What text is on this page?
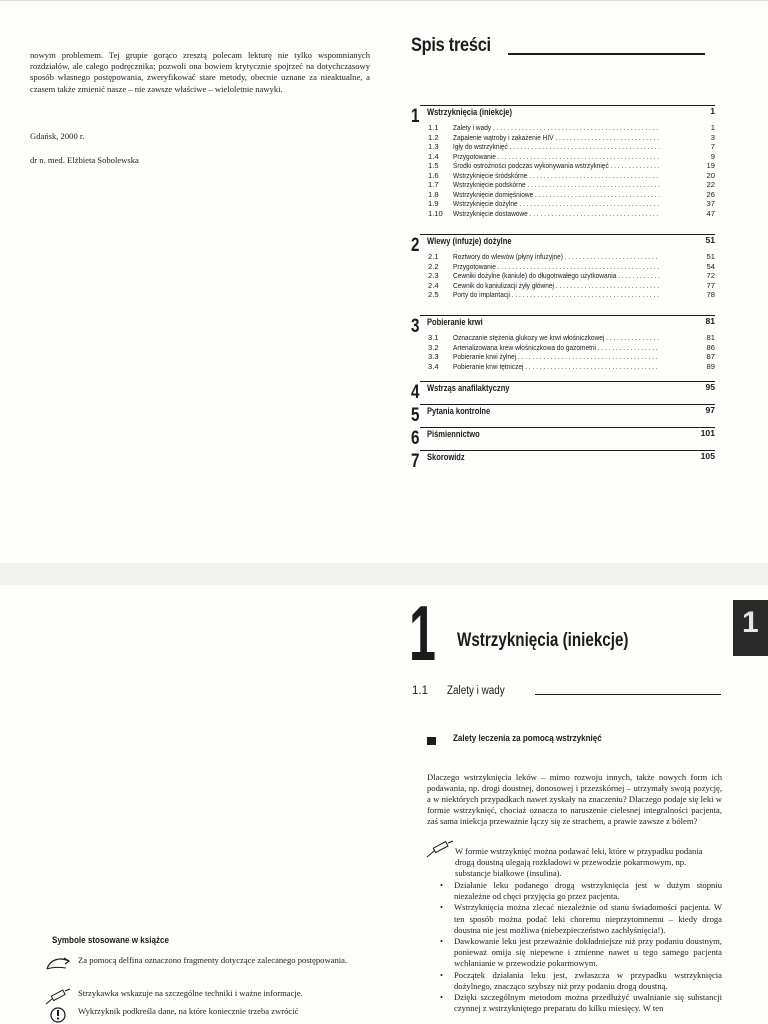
nowym problemem. Tej grupie gorąco zresztą polecam lekturę nie tylko wspomnianych rozdziałów, ale całego podręcznika; pozwoli ona bowiem krytycznie spojrzeć na dotychczasowy sposób własnego postępowania, zweryfikować stare metody, obecnie uznane za nieaktualne, a czasem także zmienić nasze – nie zawsze właściwe – wieloletnie nawyki.

Gdańsk, 2000 r.
dr n. med. Elżbieta Sobolewska
Spis treści
1 Wstrzyknięcia (iniekcje)	1
1.1 Zalety i wady . . .	1
1.2 Zapalenie wątroby i zakażenie HIV . . .	3
1.3 Igły do wstrzyknięć . . .	7
1.4 Przygotowanie . . .	9
1.5 Środki ostrożności podczas wykonywania wstrzyknięć . . .	19
1.6 Wstrzyknięcie śródskórne . . .	20
1.7 Wstrzyknięcie podskórne . . .	22
1.8 Wstrzyknięcie domięśniowe . . .	26
1.9 Wstrzyknięcie dożylne . . .	37
1.10 Wstrzyknięcie dostawowe . . .	47
2 Wlewy (infuzje) dożylne	51
2.1 Roztwory do wlewów (płyny infuzyjne) . . .	51
2.2 Przygotowanie . . .	54
2.3 Cewniki dożylne (kaniule) do długotrwałego użytkowania . . .	72
2.4 Cewnik do kaniulizacji żyły głównej . . .	77
2.5 Porty do implantacji . . .	78
3 Pobieranie krwi	81
3.1 Oznaczanie stężenia glukozy we krwi włośniczkowej . . .	81
3.2 Arterializowana krew włośniczkowa do gazometrii . . .	86
3.3 Pobieranie krwi żylnej . . .	87
3.4 Pobieranie krwi tętniczej . . .	89
4 Wstrząs anafilaktyczny	95
5 Pytania kontrolne	97
6 Piśmiennictwo	101
7 Skorowidz	105
Symbole stosowane w książce
Za pomocą delfina oznaczono fragmenty dotyczące zalecanego postępowania.
Strzykawka wskazuje na szczególne techniki i ważne informacje.
Wykrzyknik podkreśla dane, na które koniecznie trzeba zwrócić
1 Wstrzyknięcia (iniekcje)
1
1.1 Zalety i wady
Zalety leczenia za pomocą wstrzyknięć

Dlaczego wstrzyknięcia leków – mimo rozwoju innych, także nowych form ich podawania, np. drogi doustnej, donosowej i przezskórnej – utrzymały swoją pozycję, a w niektórych przypadkach nawet zyskały na znaczeniu? Dlaczego podaje się leki w formie wstrzyknięć, chociaż oznacza to naruszenie cielesnej integralności pacjenta, zaś sama iniekcja przeważnie łączy się ze strachem, a prawie zawsze z bólem?

W formie wstrzyknięć można podawać leki, które w przypadku podania drogą doustną ulegają rozkładowi w przewodzie pokarmowym, np. substancje białkowe (insulina).
• Działanie leku podanego drogą wstrzyknięcia jest w dużym stopniu niezależne od chęci przyjęcia go przez pacjenta.
• Wstrzyknięcia można zlecać niezależnie od stanu świadomości pacjenta. W ten sposób można podać leki choremu nieprzytomnemu – kiedy droga doustna nie jest możliwa (niebezpieczeństwo zachłyśnięcia!).
• Dawkowanie leku jest przeważnie dokładniejsze niż przy podaniu doustnym, ponieważ omija się niepewne i zmienne nawet u tego samego pacjenta wchłanianie w przewodzie pokarmowym.
• Początek działania leku jest, zwłaszcza w przypadku wstrzyknięcia dożylnego, znacząco szybszy niż przy podaniu drogą doustną.
• Dzięki szczególnym metodom można przedłużyć uwalnianie się substancji czynnej z wstrzykniętego preparatu do kilku miesięcy. W ten
